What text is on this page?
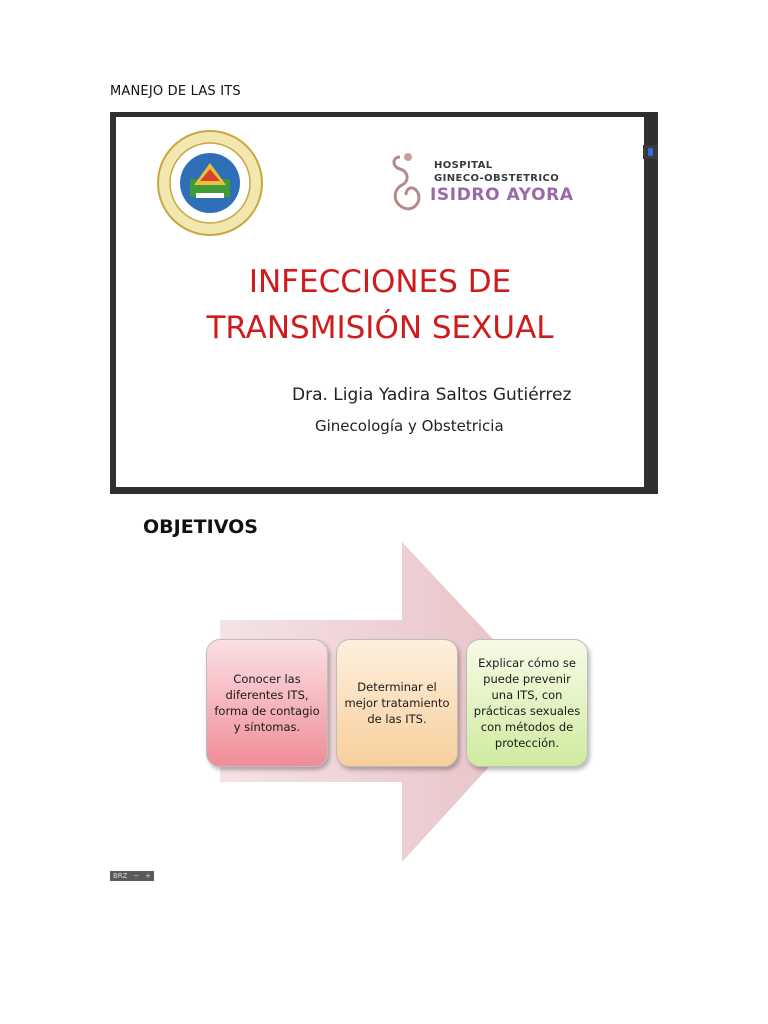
MANEJO DE LAS ITS
HOSPITAL
GINECO-OBSTETRICO
ISIDRO AYORA
INFECCIONES DE
TRANSMISIÓN SEXUAL
Dra. Ligia Yadira Saltos Gutiérrez
Ginecología y Obstetricia
OBJETIVOS
Conocer las diferentes ITS, forma de contagio y síntomas.
Determinar el mejor tratamiento de las ITS.
Explicar cómo se puede prevenir una ITS, con prácticas sexuales con métodos de protección.
BRZ − +
